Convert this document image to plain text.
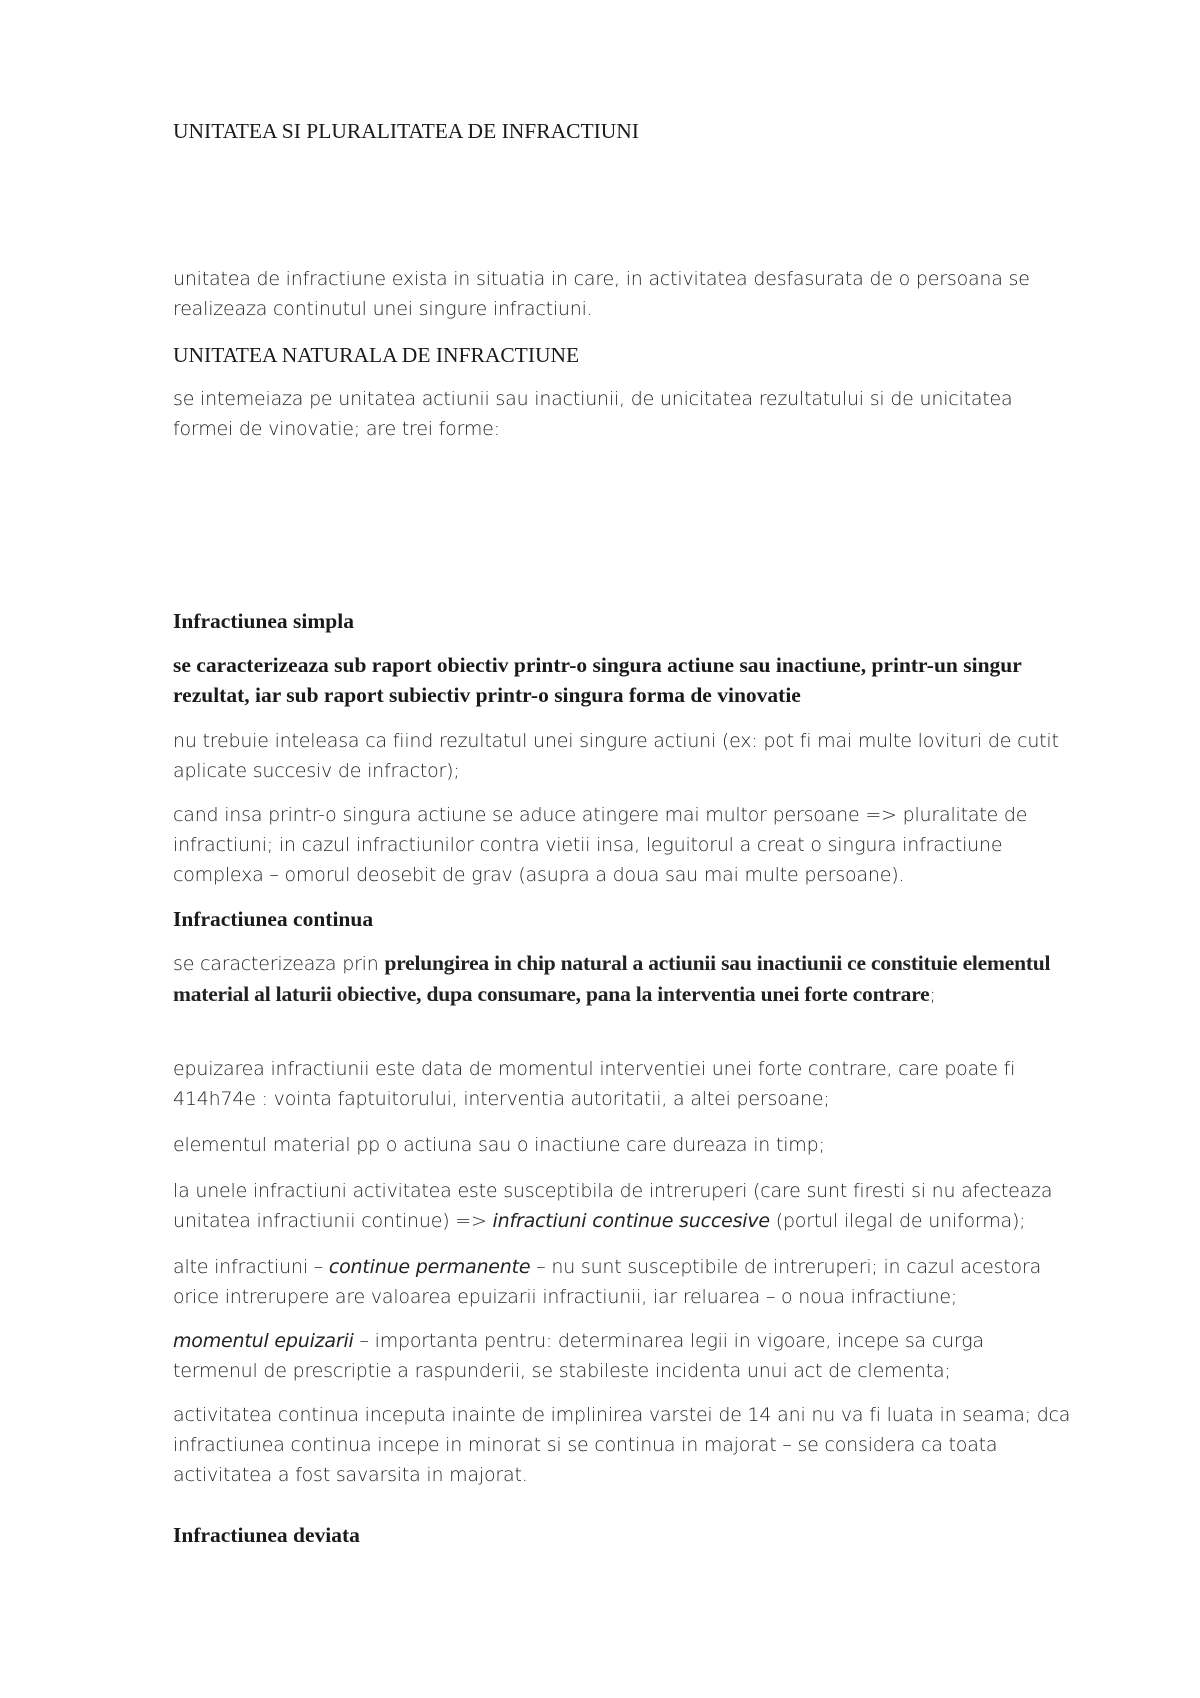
UNITATEA SI PLURALITATEA DE INFRACTIUNI

unitatea de infractiune exista in situatia in care, in activitatea desfasurata de o persoana se realizeaza continutul unei singure infractiuni.

UNITATEA NATURALA DE INFRACTIUNE

se intemeiaza pe unitatea actiunii sau inactiunii, de unicitatea rezultatului si de unicitatea formei de vinovatie; are trei forme:

Infractiunea simpla

se caracterizeaza sub raport obiectiv printr-o singura actiune sau inactiune, printr-un singur rezultat, iar sub raport subiectiv printr-o singura forma de vinovatie

nu trebuie inteleasa ca fiind rezultatul unei singure actiuni (ex: pot fi mai multe lovituri de cutit aplicate succesiv de infractor);

cand insa printr-o singura actiune se aduce atingere mai multor persoane => pluralitate de infractiuni; in cazul infractiunilor contra vietii insa, leguitorul a creat o singura infractiune complexa – omorul deosebit de grav (asupra a doua sau mai multe persoane).

Infractiunea continua

se caracterizeaza prin prelungirea in chip natural a actiunii sau inactiunii ce constituie elementul material al laturii obiective, dupa consumare, pana la interventia unei forte contrare;

epuizarea infractiunii este data de momentul interventiei unei forte contrare, care poate fi 414h74e : vointa faptuitorului, interventia autoritatii, a altei persoane;

elementul material pp o actiuna sau o inactiune care dureaza in timp;

la unele infractiuni activitatea este susceptibila de intreruperi (care sunt firesti si nu afecteaza unitatea infractiunii continue) => infractiuni continue succesive (portul ilegal de uniforma);

alte infractiuni – continue permanente – nu sunt susceptibile de intreruperi; in cazul acestora orice intrerupere are valoarea epuizarii infractiunii, iar reluarea – o noua infractiune;

momentul epuizarii – importanta pentru: determinarea legii in vigoare, incepe sa curga termenul de prescriptie a raspunderii, se stabileste incidenta unui act de clementa;

activitatea continua inceputa inainte de implinirea varstei de 14 ani nu va fi luata in seama; dca infractiunea continua incepe in minorat si se continua in majorat – se considera ca toata activitatea a fost savarsita in majorat.

Infractiunea deviata
